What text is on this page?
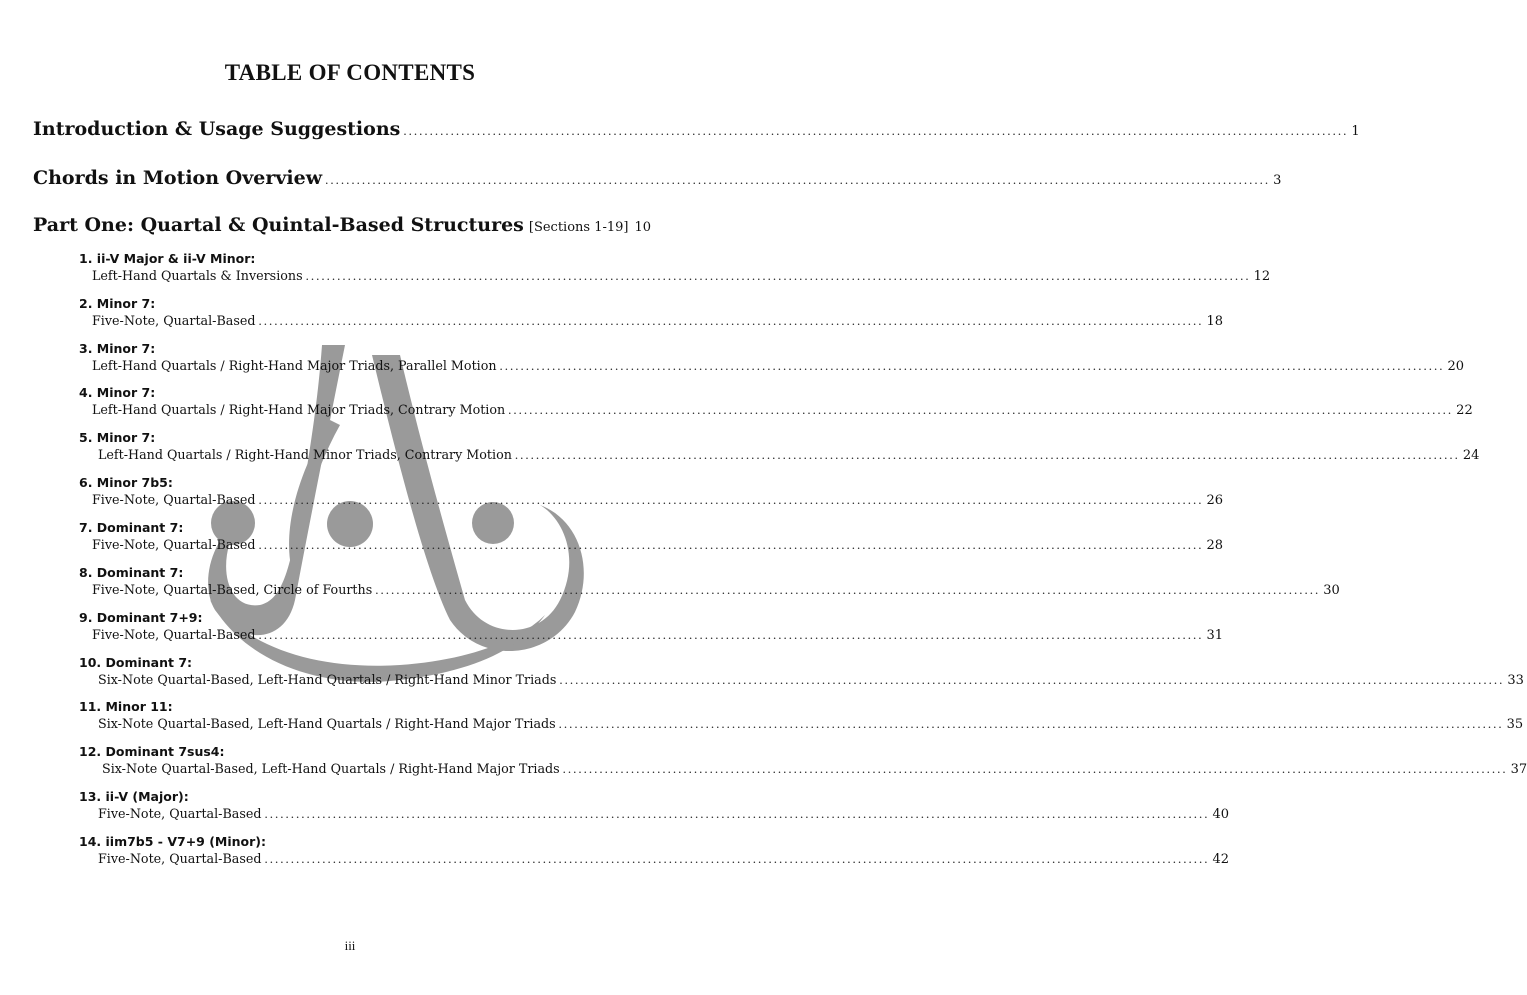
TABLE OF CONTENTS
Introduction & Usage Suggestions .................................................................................................................................................................................... 1
Chords in Motion Overview .................................................................................................................................................................................... 3
Part One: Quartal & Quintal-Based Structures [Sections 1-19] 10
1. ii-V Major & ii-V Minor:
Left-Hand Quartals & Inversions .................................................................................................................................................................................... 12
2. Minor 7:
Five-Note, Quartal-Based .................................................................................................................................................................................... 18
3. Minor 7:
Left-Hand Quartals / Right-Hand Major Triads, Parallel Motion .................................................................................................................................................................................... 20
4. Minor 7:
Left-Hand Quartals / Right-Hand Major Triads, Contrary Motion .................................................................................................................................................................................... 22
5. Minor 7:
Left-Hand Quartals / Right-Hand Minor Triads, Contrary Motion .................................................................................................................................................................................... 24
6. Minor 7b5:
Five-Note, Quartal-Based .................................................................................................................................................................................... 26
7. Dominant 7:
Five-Note, Quartal-Based .................................................................................................................................................................................... 28
8. Dominant 7:
Five-Note, Quartal-Based, Circle of Fourths .................................................................................................................................................................................... 30
9. Dominant 7+9:
Five-Note, Quartal-Based .................................................................................................................................................................................... 31
10. Dominant 7:
Six-Note Quartal-Based, Left-Hand Quartals / Right-Hand Minor Triads .................................................................................................................................................................................... 33
11. Minor 11:
Six-Note Quartal-Based, Left-Hand Quartals / Right-Hand Major Triads .................................................................................................................................................................................... 35
12. Dominant 7sus4:
Six-Note Quartal-Based, Left-Hand Quartals / Right-Hand Major Triads .................................................................................................................................................................................... 37
13. ii-V (Major):
Five-Note, Quartal-Based .................................................................................................................................................................................... 40
14. iim7b5 - V7+9 (Minor):
Five-Note, Quartal-Based .................................................................................................................................................................................... 42
iii
